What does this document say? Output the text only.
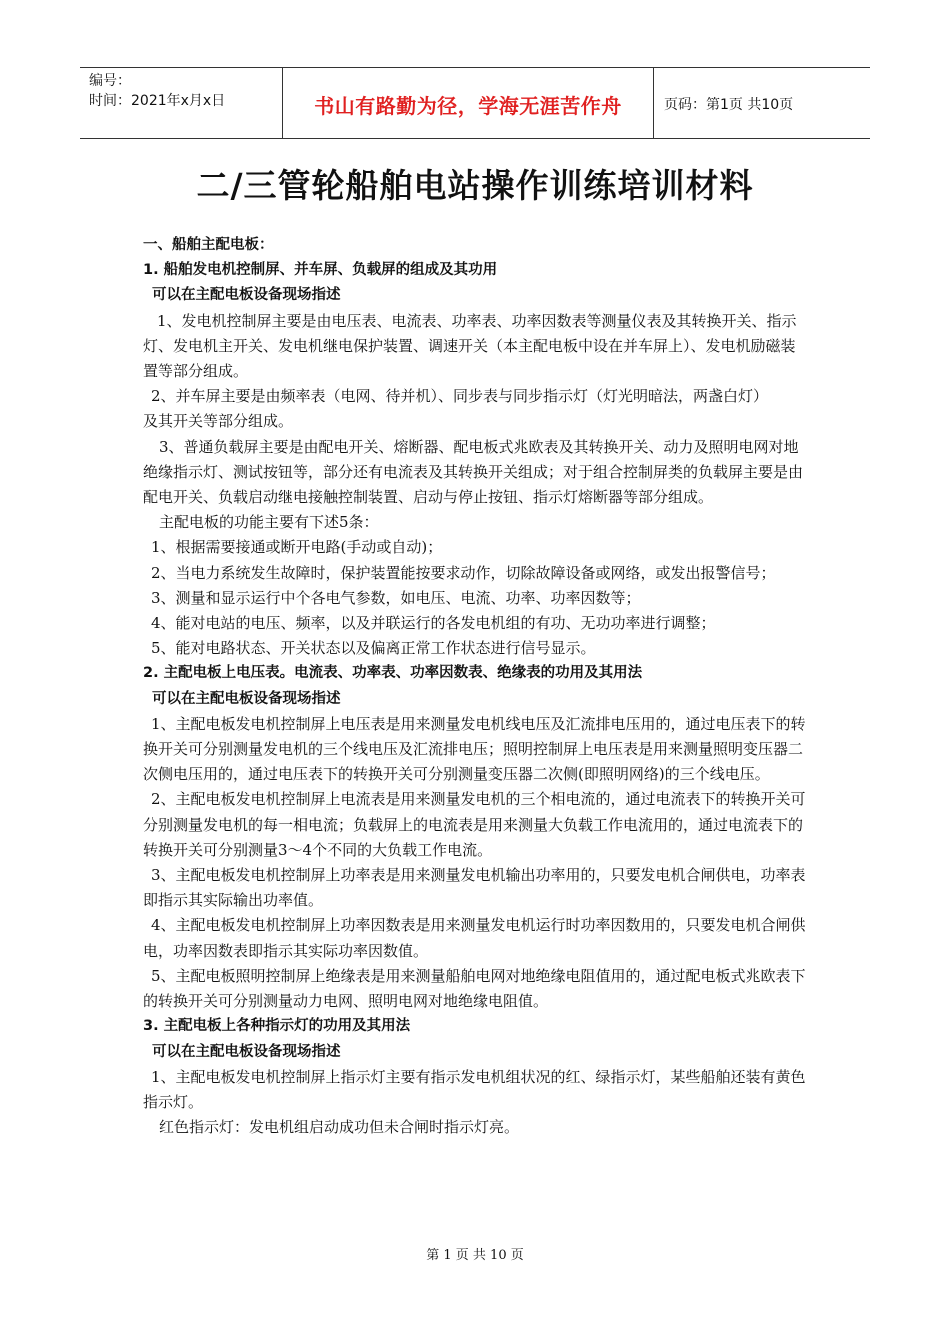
编号：
时间：2021年x月x日	书山有路勤为径，学海无涯苦作舟	页码：第1页 共10页
二/三管轮船舶电站操作训练培训材料

一、船舶主配电板：

1. 船舶发电机控制屏、并车屏、负载屏的组成及其功用

可以在主配电板设备现场指述

1、发电机控制屏主要是由电压表、电流表、功率表、功率因数表等测量仪表及其转换开关、指示灯、发电机主开关、发电机继电保护装置、调速开关（本主配电板中设在并车屏上）、发电机励磁装置等部分组成。

2、并车屏主要是由频率表（电网、待并机）、同步表与同步指示灯（灯光明暗法，两盏白灯）

及其开关等部分组成。

3、普通负载屏主要是由配电开关、熔断器、配电板式兆欧表及其转换开关、动力及照明电网对地绝缘指示灯、测试按钮等，部分还有电流表及其转换开关组成；对于组合控制屏类的负载屏主要是由配电开关、负载启动继电接触控制装置、启动与停止按钮、指示灯熔断器等部分组成。

主配电板的功能主要有下述5条：

1、根据需要接通或断开电路(手动或自动)；

2、当电力系统发生故障时，保护装置能按要求动作，切除故障设备或网络，或发出报警信号；

3、测量和显示运行中个各电气参数，如电压、电流、功率、功率因数等；

4、能对电站的电压、频率，以及并联运行的各发电机组的有功、无功功率进行调整；

5、能对电路状态、开关状态以及偏离正常工作状态进行信号显示。

2. 主配电板上电压表。电流表、功率表、功率因数表、绝缘表的功用及其用法

可以在主配电板设备现场指述

1、主配电板发电机控制屏上电压表是用来测量发电机线电压及汇流排电压用的，通过电压表下的转换开关可分别测量发电机的三个线电压及汇流排电压；照明控制屏上电压表是用来测量照明变压器二次侧电压用的，通过电压表下的转换开关可分别测量变压器二次侧(即照明网络)的三个线电压。

2、主配电板发电机控制屏上电流表是用来测量发电机的三个相电流的，通过电流表下的转换开关可分别测量发电机的每一相电流；负载屏上的电流表是用来测量大负载工作电流用的，通过电流表下的转换开关可分别测量3～4个不同的大负载工作电流。

3、主配电板发电机控制屏上功率表是用来测量发电机输出功率用的，只要发电机合闸供电，功率表即指示其实际输出功率值。

4、主配电板发电机控制屏上功率因数表是用来测量发电机运行时功率因数用的，只要发电机合闸供电，功率因数表即指示其实际功率因数值。

5、主配电板照明控制屏上绝缘表是用来测量船舶电网对地绝缘电阻值用的，通过配电板式兆欧表下的转换开关可分别测量动力电网、照明电网对地绝缘电阻值。

3. 主配电板上各种指示灯的功用及其用法

可以在主配电板设备现场指述

1、主配电板发电机控制屏上指示灯主要有指示发电机组状况的红、绿指示灯，某些船舶还装有黄色指示灯。

红色指示灯：发电机组启动成功但未合闸时指示灯亮。

第 1 页 共 10 页
